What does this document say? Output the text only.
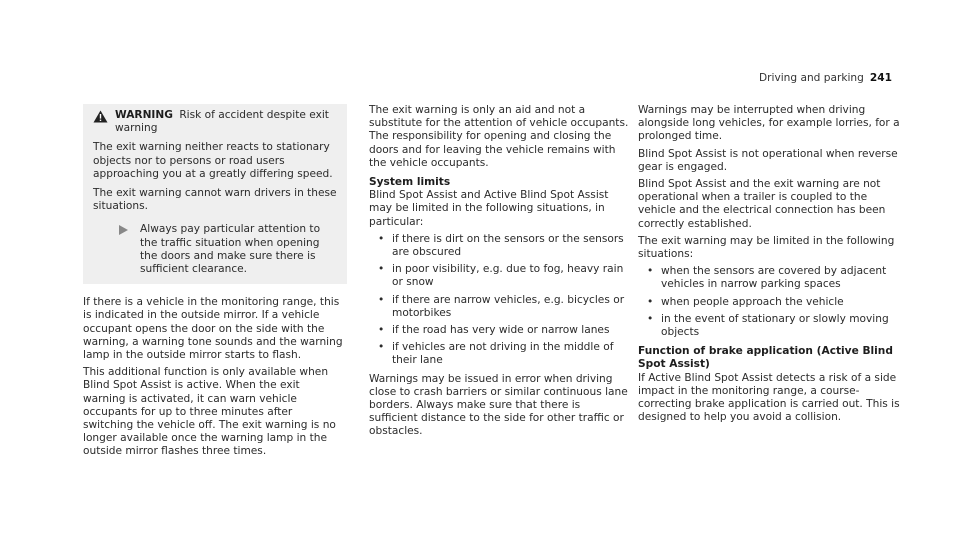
Driving and parking 241
WARNING Risk of accident despite exit warning

The exit warning neither reacts to stationary objects nor to persons or road users approaching you at a greatly differing speed.

The exit warning cannot warn drivers in these situations.

Always pay particular attention to the traffic situation when opening the doors and make sure there is sufficient clearance.

If there is a vehicle in the monitoring range, this is indicated in the outside mirror. If a vehicle occupant opens the door on the side with the warning, a warning tone sounds and the warning lamp in the outside mirror starts to flash.

This additional function is only available when Blind Spot Assist is active. When the exit warning is activated, it can warn vehicle occupants for up to three minutes after switching the vehicle off. The exit warning is no longer available once the warning lamp in the outside mirror flashes three times.

The exit warning is only an aid and not a substitute for the attention of vehicle occupants. The responsibility for opening and closing the doors and for leaving the vehicle remains with the vehicle occupants.

System limits

Blind Spot Assist and Active Blind Spot Assist may be limited in the following situations, in particular:

• if there is dirt on the sensors or the sensors are obscured
• in poor visibility, e.g. due to fog, heavy rain or snow
• if there are narrow vehicles, e.g. bicycles or motorbikes
• if the road has very wide or narrow lanes
• if vehicles are not driving in the middle of their lane

Warnings may be issued in error when driving close to crash barriers or similar continuous lane borders. Always make sure that there is sufficient distance to the side for other traffic or obstacles.

Warnings may be interrupted when driving alongside long vehicles, for example lorries, for a prolonged time.

Blind Spot Assist is not operational when reverse gear is engaged.

Blind Spot Assist and the exit warning are not operational when a trailer is coupled to the vehicle and the electrical connection has been correctly established.

The exit warning may be limited in the following situations:

• when the sensors are covered by adjacent vehicles in narrow parking spaces
• when people approach the vehicle
• in the event of stationary or slowly moving objects
Function of brake application (Active Blind Spot Assist)

If Active Blind Spot Assist detects a risk of a side impact in the monitoring range, a course-correcting brake application is carried out. This is designed to help you avoid a collision.
